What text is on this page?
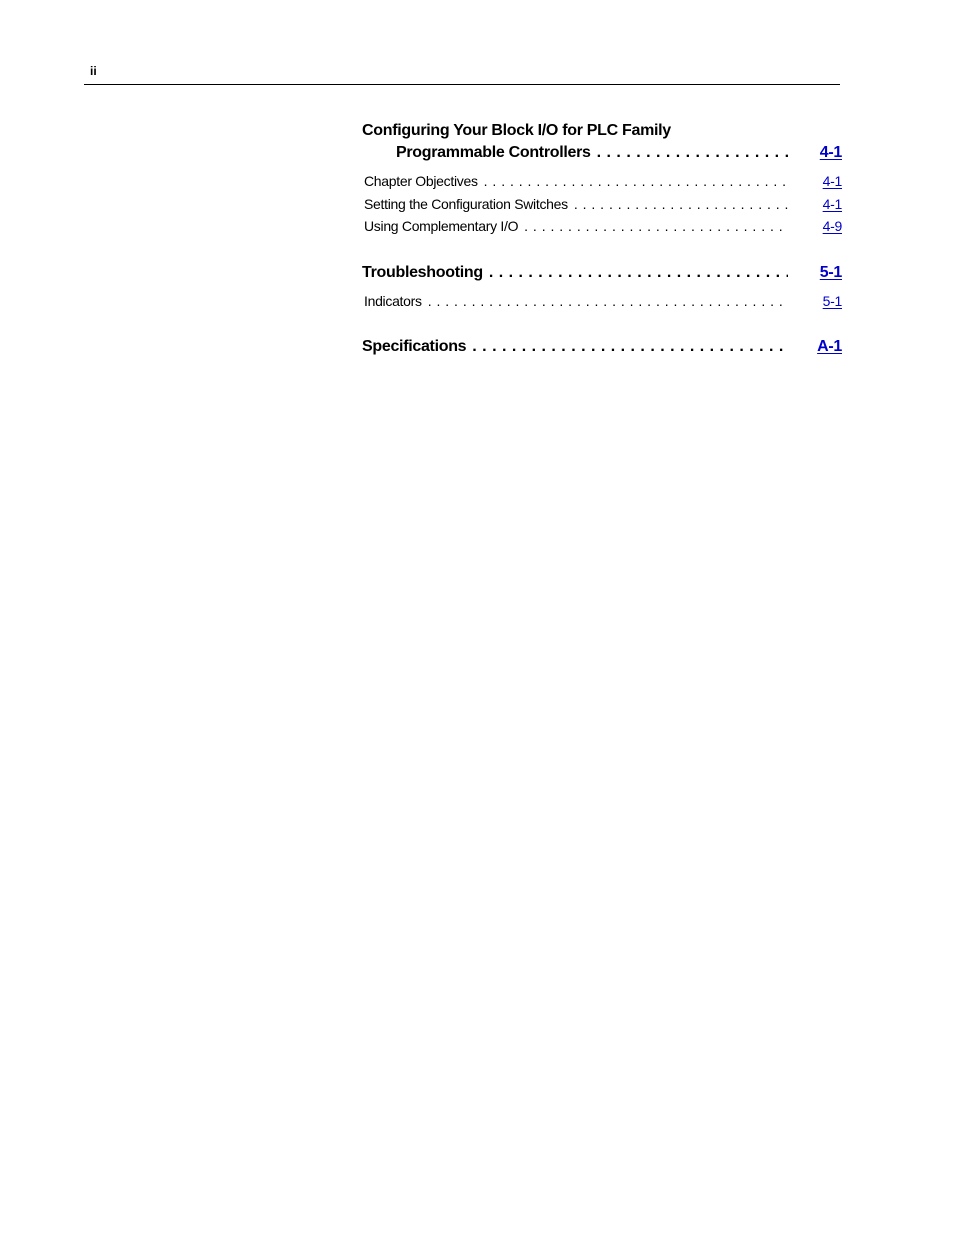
ii
Configuring Your Block I/O for PLC Family
Programmable Controllers . . .	4-1
Chapter Objectives . . .	4-1
Setting the Configuration Switches . . .	4-1
Using Complementary I/O . . .	4-9
Troubleshooting . . .	5-1
Indicators . . .	5-1
Specifications . . .	A-1
